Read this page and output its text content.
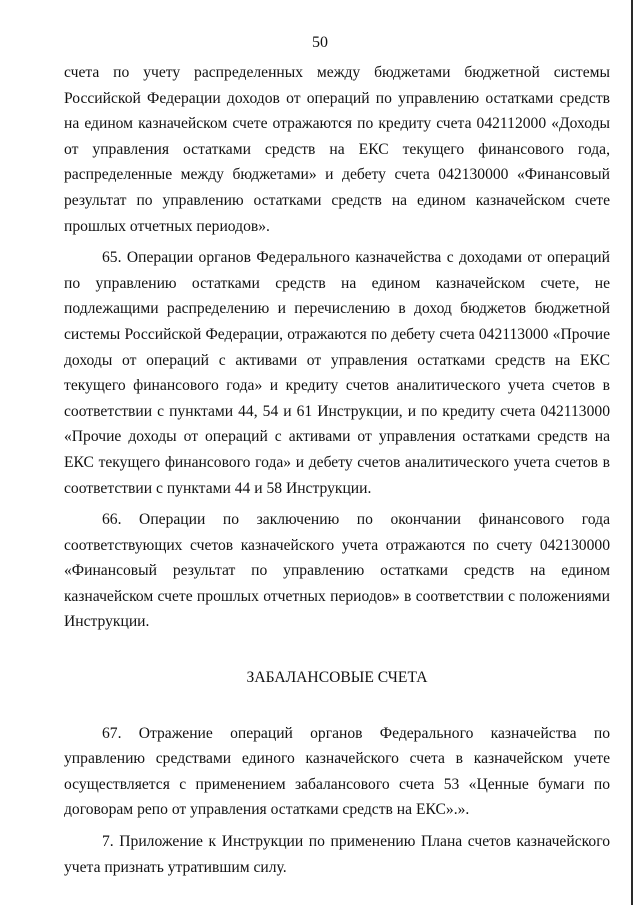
50

счета по учету распределенных между бюджетами бюджетной системы Российской Федерации доходов от операций по управлению остатками средств на едином казначейском счете отражаются по кредиту счета 042112000 «Доходы от управления остатками средств на ЕКС текущего финансового года, распределенные между бюджетами» и дебету счета 042130000 «Финансовый результат по управлению остатками средств на едином казначейском счете прошлых отчетных периодов».

65. Операции органов Федерального казначейства с доходами от операций по управлению остатками средств на едином казначейском счете, не подлежащими распределению и перечислению в доход бюджетов бюджетной системы Российской Федерации, отражаются по дебету счета 042113000 «Прочие доходы от операций с активами от управления остатками средств на ЕКС текущего финансового года» и кредиту счетов аналитического учета счетов в соответствии с пунктами 44, 54 и 61 Инструкции, и по кредиту счета 042113000 «Прочие доходы от операций с активами от управления остатками средств на ЕКС текущего финансового года» и дебету счетов аналитического учета счетов в соответствии с пунктами 44 и 58 Инструкции.

66. Операции по заключению по окончании финансового года соответствующих счетов казначейского учета отражаются по счету 042130000 «Финансовый результат по управлению остатками средств на едином казначейском счете прошлых отчетных периодов» в соответствии с положениями Инструкции.

ЗАБАЛАНСОВЫЕ СЧЕТА

67. Отражение операций органов Федерального казначейства по управлению средствами единого казначейского счета в казначейском учете осуществляется с применением забалансового счета 53 «Ценные бумаги по договорам репо от управления остатками средств на ЕКС».».

7. Приложение к Инструкции по применению Плана счетов казначейского учета признать утратившим силу.
